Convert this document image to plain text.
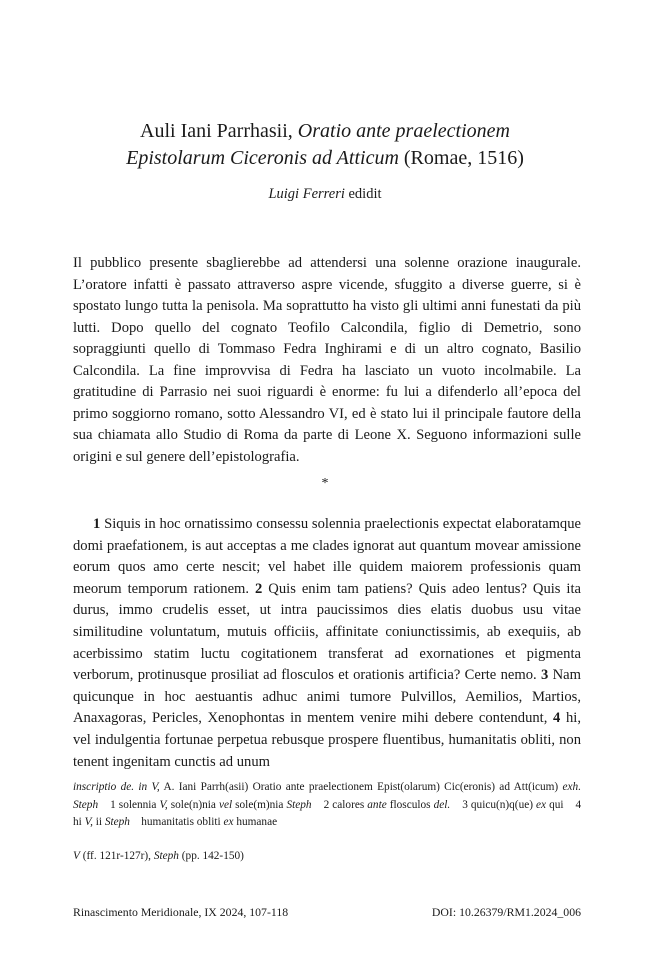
Auli Iani Parrhasii, Oratio ante praelectionem
Epistolarum Ciceronis ad Atticum (Romae, 1516)
Luigi Ferreri edidit

Il pubblico presente sbaglierebbe ad attendersi una solenne orazione inaugurale. L’oratore infatti è passato attraverso aspre vicende, sfuggito a diverse guerre, si è spostato lungo tutta la penisola. Ma soprattutto ha visto gli ultimi anni funestati da più lutti. Dopo quello del cognato Teofilo Calcondila, figlio di Demetrio, sono sopraggiunti quello di Tommaso Fedra Inghirami e di un altro cognato, Basilio Calcondila. La fine improvvisa di Fedra ha lasciato un vuoto incolmabile. La gratitudine di Parrasio nei suoi riguardi è enorme: fu lui a difenderlo all’epoca del primo soggiorno romano, sotto Alessandro VI, ed è stato lui il principale fautore della sua chiamata allo Studio di Roma da parte di Leone X. Seguono informazioni sulle origini e sul genere dell’epistolografia.

*

1 Siquis in hoc ornatissimo consessu solennia praelectionis expectat elaboratamque domi praefationem, is aut acceptas a me clades ignorat aut quantum movear amissione eorum quos amo certe nescit; vel habet ille quidem maiorem professionis quam meorum temporum rationem. 2 Quis enim tam patiens? Quis adeo lentus? Quis ita durus, immo crudelis esset, ut intra paucissimos dies elatis duobus usu vitae similitudine voluntatum, mutuis officiis, affinitate coniunctissimis, ab exequiis, ab acerbissimo statim luctu cogitationem transferat ad exornationes et pigmenta verborum, protinusque prosiliat ad flosculos et orationis artificia? Certe nemo. 3 Nam quicunque in hoc aestuantis adhuc animi tumore Pulvillos, Aemilios, Martios, Anaxagoras, Pericles, Xenophontas in mentem venire mihi debere contendunt, 4 hi, vel indulgentia fortunae perpetua rebusque prospere fluentibus, humanitatis obliti, non tenent ingenitam cunctis ad unum

inscriptio de. in V, A. Iani Parrh(asii) Oratio ante praelectionem Epist(olarum) Cic(eronis) ad Att(icum) exh. Steph 1 solennia V, sole(n)nia vel sole(m)nia Steph 2 calores ante flosculos del. 3 quicu(n)q(ue) ex qui 4 hi V, ii Steph humanitatis obliti ex humanae

V (ff. 121r-127r), Steph (pp. 142-150)

Rinascimento Meridionale, IX 2024, 107-118	DOI: 10.26379/RM1.2024_006
